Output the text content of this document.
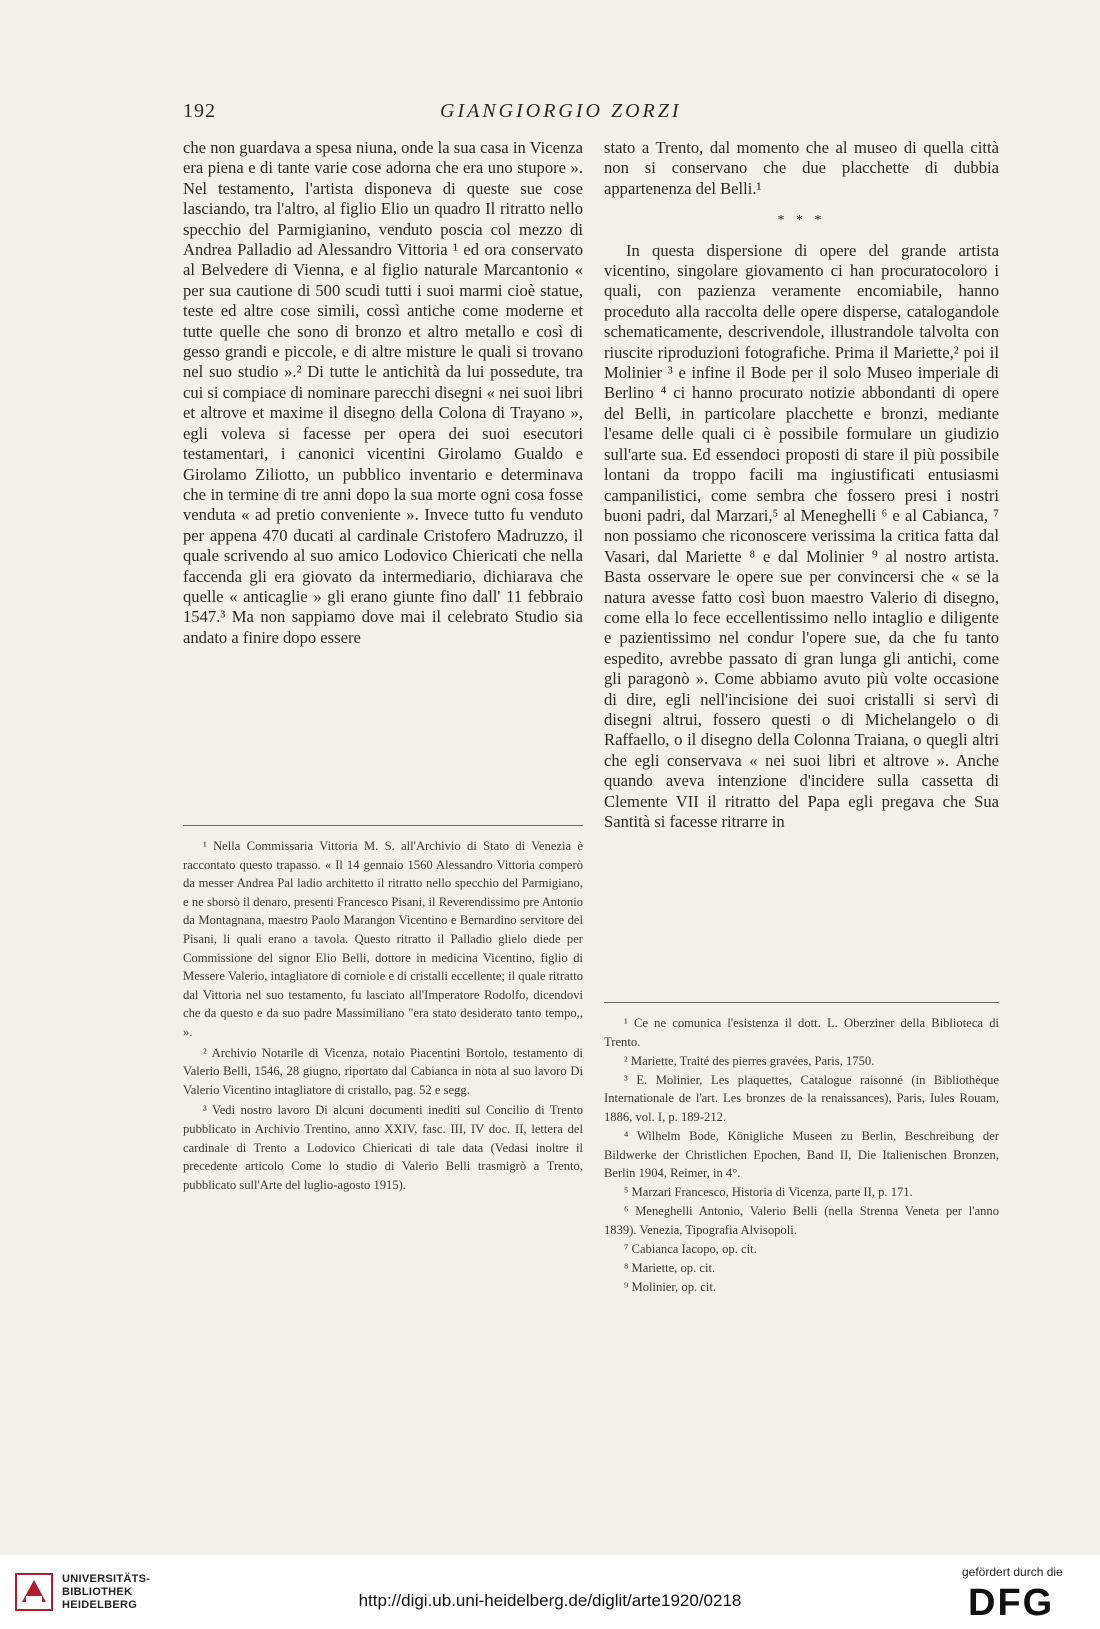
192	GIANGIORGIO ZORZI

che non guardava a spesa niuna, onde la sua casa in Vicenza era piena e di tante varie cose adorna che era uno stupore ». Nel testamento, l'artista disponeva di queste sue cose lasciando, tra l'altro, al figlio Elio un quadro Il ritratto nello specchio del Parmigianino, venduto poscia col mezzo di Andrea Palladio ad Alessandro Vittoria ¹ ed ora conservato al Belvedere di Vienna, e al figlio naturale Marcantonio « per sua cautione di 500 scudi tutti i suoi marmi cioè statue, teste ed altre cose simili, cossì antiche come moderne et tutte quelle che sono di bronzo et altro metallo e così di gesso grandi e piccole, e di altre misture le quali si trovano nel suo studio ».² Di tutte le antichità da lui possedute, tra cui si compiace di nominare parecchi disegni « nei suoi libri et altrove et maxime il disegno della Colona di Trayano », egli voleva si facesse per opera dei suoi esecutori testamentari, i canonici vicentini Girolamo Gualdo e Girolamo Ziliotto, un pubblico inventario e determinava che in termine di tre anni dopo la sua morte ogni cosa fosse venduta « ad pretio conveniente ». Invece tutto fu venduto per appena 470 ducati al cardinale Cristofero Madruzzo, il quale scrivendo al suo amico Lodovico Chiericati che nella faccenda gli era giovato da intermediario, dichiarava che quelle « anticaglie » gli erano giunte fino dall' 11 febbraio 1547.³ Ma non sappiamo dove mai il celebrato Studio sia andato a finire dopo essere

stato a Trento, dal momento che al museo di quella città non si conservano che due placchette di dubbia appartenenza del Belli.¹

* * *

In questa dispersione di opere del grande artista vicentino, singolare giovamento ci han procuratocoloro i quali, con pazienza veramente encomiabile, hanno proceduto alla raccolta delle opere disperse, catalogandole schematicamente, descrivendole, illustrandole talvolta con riuscite riproduzioni fotografiche. Prima il Mariette,² poi il Molinier ³ e infine il Bode per il solo Museo imperiale di Berlino ⁴ ci hanno procurato notizie abbondanti di opere del Belli, in particolare placchette e bronzi, mediante l'esame delle quali ci è possibile formulare un giudizio sull'arte sua. Ed essendoci proposti di stare il più possibile lontani da troppo facili ma ingiustificati entusiasmi campanilistici, come sembra che fossero presi i nostri buoni padri, dal Marzari,⁵ al Meneghelli ⁶ e al Cabianca, ⁷ non possiamo che riconoscere verissima la critica fatta dal Vasari, dal Mariette ⁸ e dal Molinier ⁹ al nostro artista. Basta osservare le opere sue per convincersi che « se la natura avesse fatto così buon maestro Valerio di disegno, come ella lo fece eccellentissimo nello intaglio e diligente e pazientissimo nel condur l'opere sue, da che fu tanto espedito, avrebbe passato di gran lunga gli antichi, come gli paragonò ». Come abbiamo avuto più volte occasione di dire, egli nell'incisione dei suoi cristalli si servì di disegni altrui, fossero questi o di Michelangelo o di Raffaello, o il disegno della Colonna Traiana, o quegli altri che egli conservava « nei suoi libri et altrove ». Anche quando aveva intenzione d'incidere sulla cassetta di Clemente VII il ritratto del Papa egli pregava che Sua Santità si facesse ritrarre in

¹ Nella Commissaria Vittoria M. S. all'Archivio di Stato di Venezia è raccontato questo trapasso. « Il 14 gennaio 1560 Alessandro Vittoria comperò da messer Andrea Pal ladio architetto il ritratto nello specchio del Parmigiano, e ne sborsò il denaro, presenti Francesco Pisani, il Reverendissimo pre Antonio da Montagnana, maestro Paolo Marangon Vicentino e Bernardino servitore del Pisani, li quali erano a tavola. Questo ritratto il Palladio glielo diede per Commissione del signor Elio Belli, dottore in medicina Vicentino, figlio di Messere Valerio, intagliatore di corniole e di cristalli eccellente; il quale ritratto dal Vittoria nel suo testamento, fu lasciato all'Imperatore Rodolfo, dicendovi che da questo e da suo padre Massimiliano "era stato desiderato tanto tempo,, ».

² Archivio Notarile di Vicenza, notaio Piacentini Bortolo, testamento di Valerio Belli, 1546, 28 giugno, riportato dal Cabianca in nota al suo lavoro Di Valerio Vicentino intagliatore di cristallo, pag. 52 e segg.

³ Vedi nostro lavoro Di alcuni documenti inediti sul Concilio di Trento pubblicato in Archivio Trentino, anno XXIV, fasc. III, IV doc. II, lettera del cardinale di Trento a Lodovico Chiericati di tale data (Vedasi inoltre il precedente articolo Come lo studio di Valerio Belli trasmigrò a Trento, pubblicato sull'Arte del luglio-agosto 1915).

¹ Ce ne comunica l'esistenza il dott. L. Oberziner della Biblioteca di Trento.

² Mariette, Traité des pierres gravées, Paris, 1750.

³ E. Molinier, Les plaquettes, Catalogue raisonné (in Bibliothèque Internationale de l'art. Les bronzes de la renaissances), Paris, Iules Rouam, 1886, vol. I, p. 189-212.

⁴ Wilhelm Bode, Königliche Museen zu Berlin, Beschreibung der Bildwerke der Christlichen Epochen, Band II, Die Italienischen Bronzen, Berlin 1904, Reimer, in 4°.

⁵ Marzari Francesco, Historia di Vicenza, parte II, p. 171.

⁶ Meneghelli Antonio, Valerio Belli (nella Strenna Veneta per l'anno 1839). Venezia, Tipografia Alvisopoli.

⁷ Cabianca Iacopo, op. cit.

⁸ Mariette, op. cit.

⁹ Molinier, op. cit.

UNIVERSITÄTS-
BIBLIOTHEK
HEIDELBERG	http://digi.ub.uni-heidelberg.de/diglit/arte1920/0218
gefördert durch die
DFG
